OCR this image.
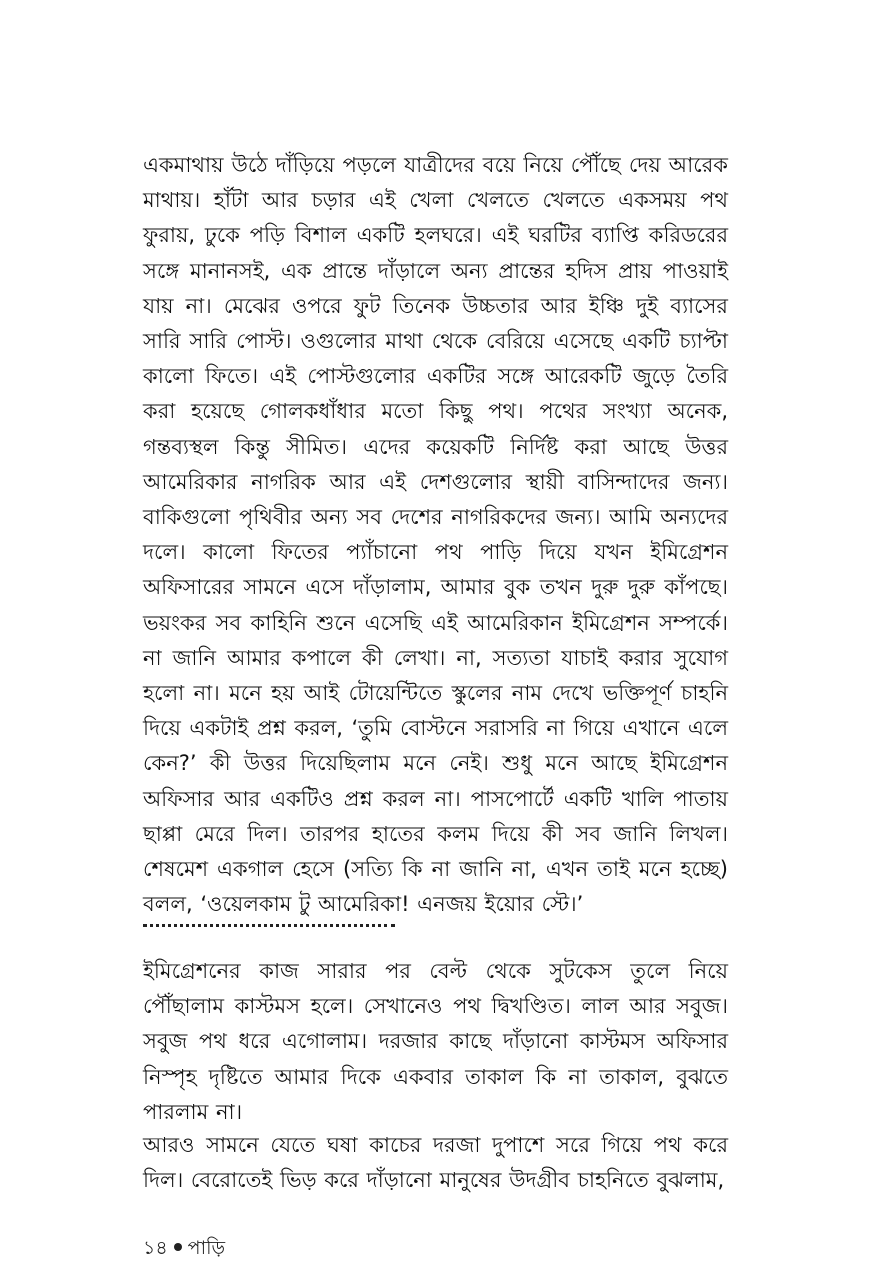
একমাথায় উঠে দাঁড়িয়ে পড়লে যাত্রীদের বয়ে নিয়ে পৌঁছে দেয় আরেক মাথায়। হাঁটা আর চড়ার এই খেলা খেলতে খেলতে একসময় পথ ফুরায়, ঢুকে পড়ি বিশাল একটি হলঘরে। এই ঘরটির ব্যাপ্তি করিডরের সঙ্গে মানানসই, এক প্রান্তে দাঁড়ালে অন্য প্রান্তের হদিস প্রায় পাওয়াই যায় না। মেঝের ওপরে ফুট তিনেক উচ্চতার আর ইঞ্চি দুই ব্যাসের সারি সারি পোস্ট। ওগুলোর মাথা থেকে বেরিয়ে এসেছে একটি চ্যাপ্টা কালো ফিতে। এই পোস্টগুলোর একটির সঙ্গে আরেকটি জুড়ে তৈরি করা হয়েছে গোলকধাঁধার মতো কিছু পথ। পথের সংখ্যা অনেক, গন্তব্যস্থল কিন্তু সীমিত। এদের কয়েকটি নির্দিষ্ট করা আছে উত্তর আমেরিকার নাগরিক আর এই দেশগুলোর স্থায়ী বাসিন্দাদের জন্য। বাকিগুলো পৃথিবীর অন্য সব দেশের নাগরিকদের জন্য। আমি অন্যদের দলে। কালো ফিতের প্যাঁচানো পথ পাড়ি দিয়ে যখন ইমিগ্রেশন অফিসারের সামনে এসে দাঁড়ালাম, আমার বুক তখন দুরু দুরু কাঁপছে। ভয়ংকর সব কাহিনি শুনে এসেছি এই আমেরিকান ইমিগ্রেশন সম্পর্কে। না জানি আমার কপালে কী লেখা। না, সত্যতা যাচাই করার সুযোগ হলো না। মনে হয় আই টোয়েন্টিতে স্কুলের নাম দেখে ভক্তিপূর্ণ চাহনি দিয়ে একটাই প্রশ্ন করল, ‘তুমি বোস্টনে সরাসরি না গিয়ে এখানে এলে কেন?’ কী উত্তর দিয়েছিলাম মনে নেই। শুধু মনে আছে ইমিগ্রেশন অফিসার আর একটিও প্রশ্ন করল না। পাসপোর্টে একটি খালি পাতায় ছাপ্পা মেরে দিল। তারপর হাতের কলম দিয়ে কী সব জানি লিখল। শেষমেশ একগাল হেসে (সত্যি কি না জানি না, এখন তাই মনে হচ্ছে) বলল, ‘ওয়েলকাম টু আমেরিকা! এনজয় ইয়োর স্টে।’

ইমিগ্রেশনের কাজ সারার পর বেল্ট থেকে সুটকেস তুলে নিয়ে পৌঁছালাম কাস্টমস হলে। সেখানেও পথ দ্বিখণ্ডিত। লাল আর সবুজ। সবুজ পথ ধরে এগোলাম। দরজার কাছে দাঁড়ানো কাস্টমস অফিসার নিস্পৃহ দৃষ্টিতে আমার দিকে একবার তাকাল কি না তাকাল, বুঝতে পারলাম না।

আরও সামনে যেতে ঘষা কাচের দরজা দুপাশে সরে গিয়ে পথ করে দিল। বেরোতেই ভিড় করে দাঁড়ানো মানুষের উদগ্রীব চাহনিতে বুঝলাম,

১৪ পাড়ি
